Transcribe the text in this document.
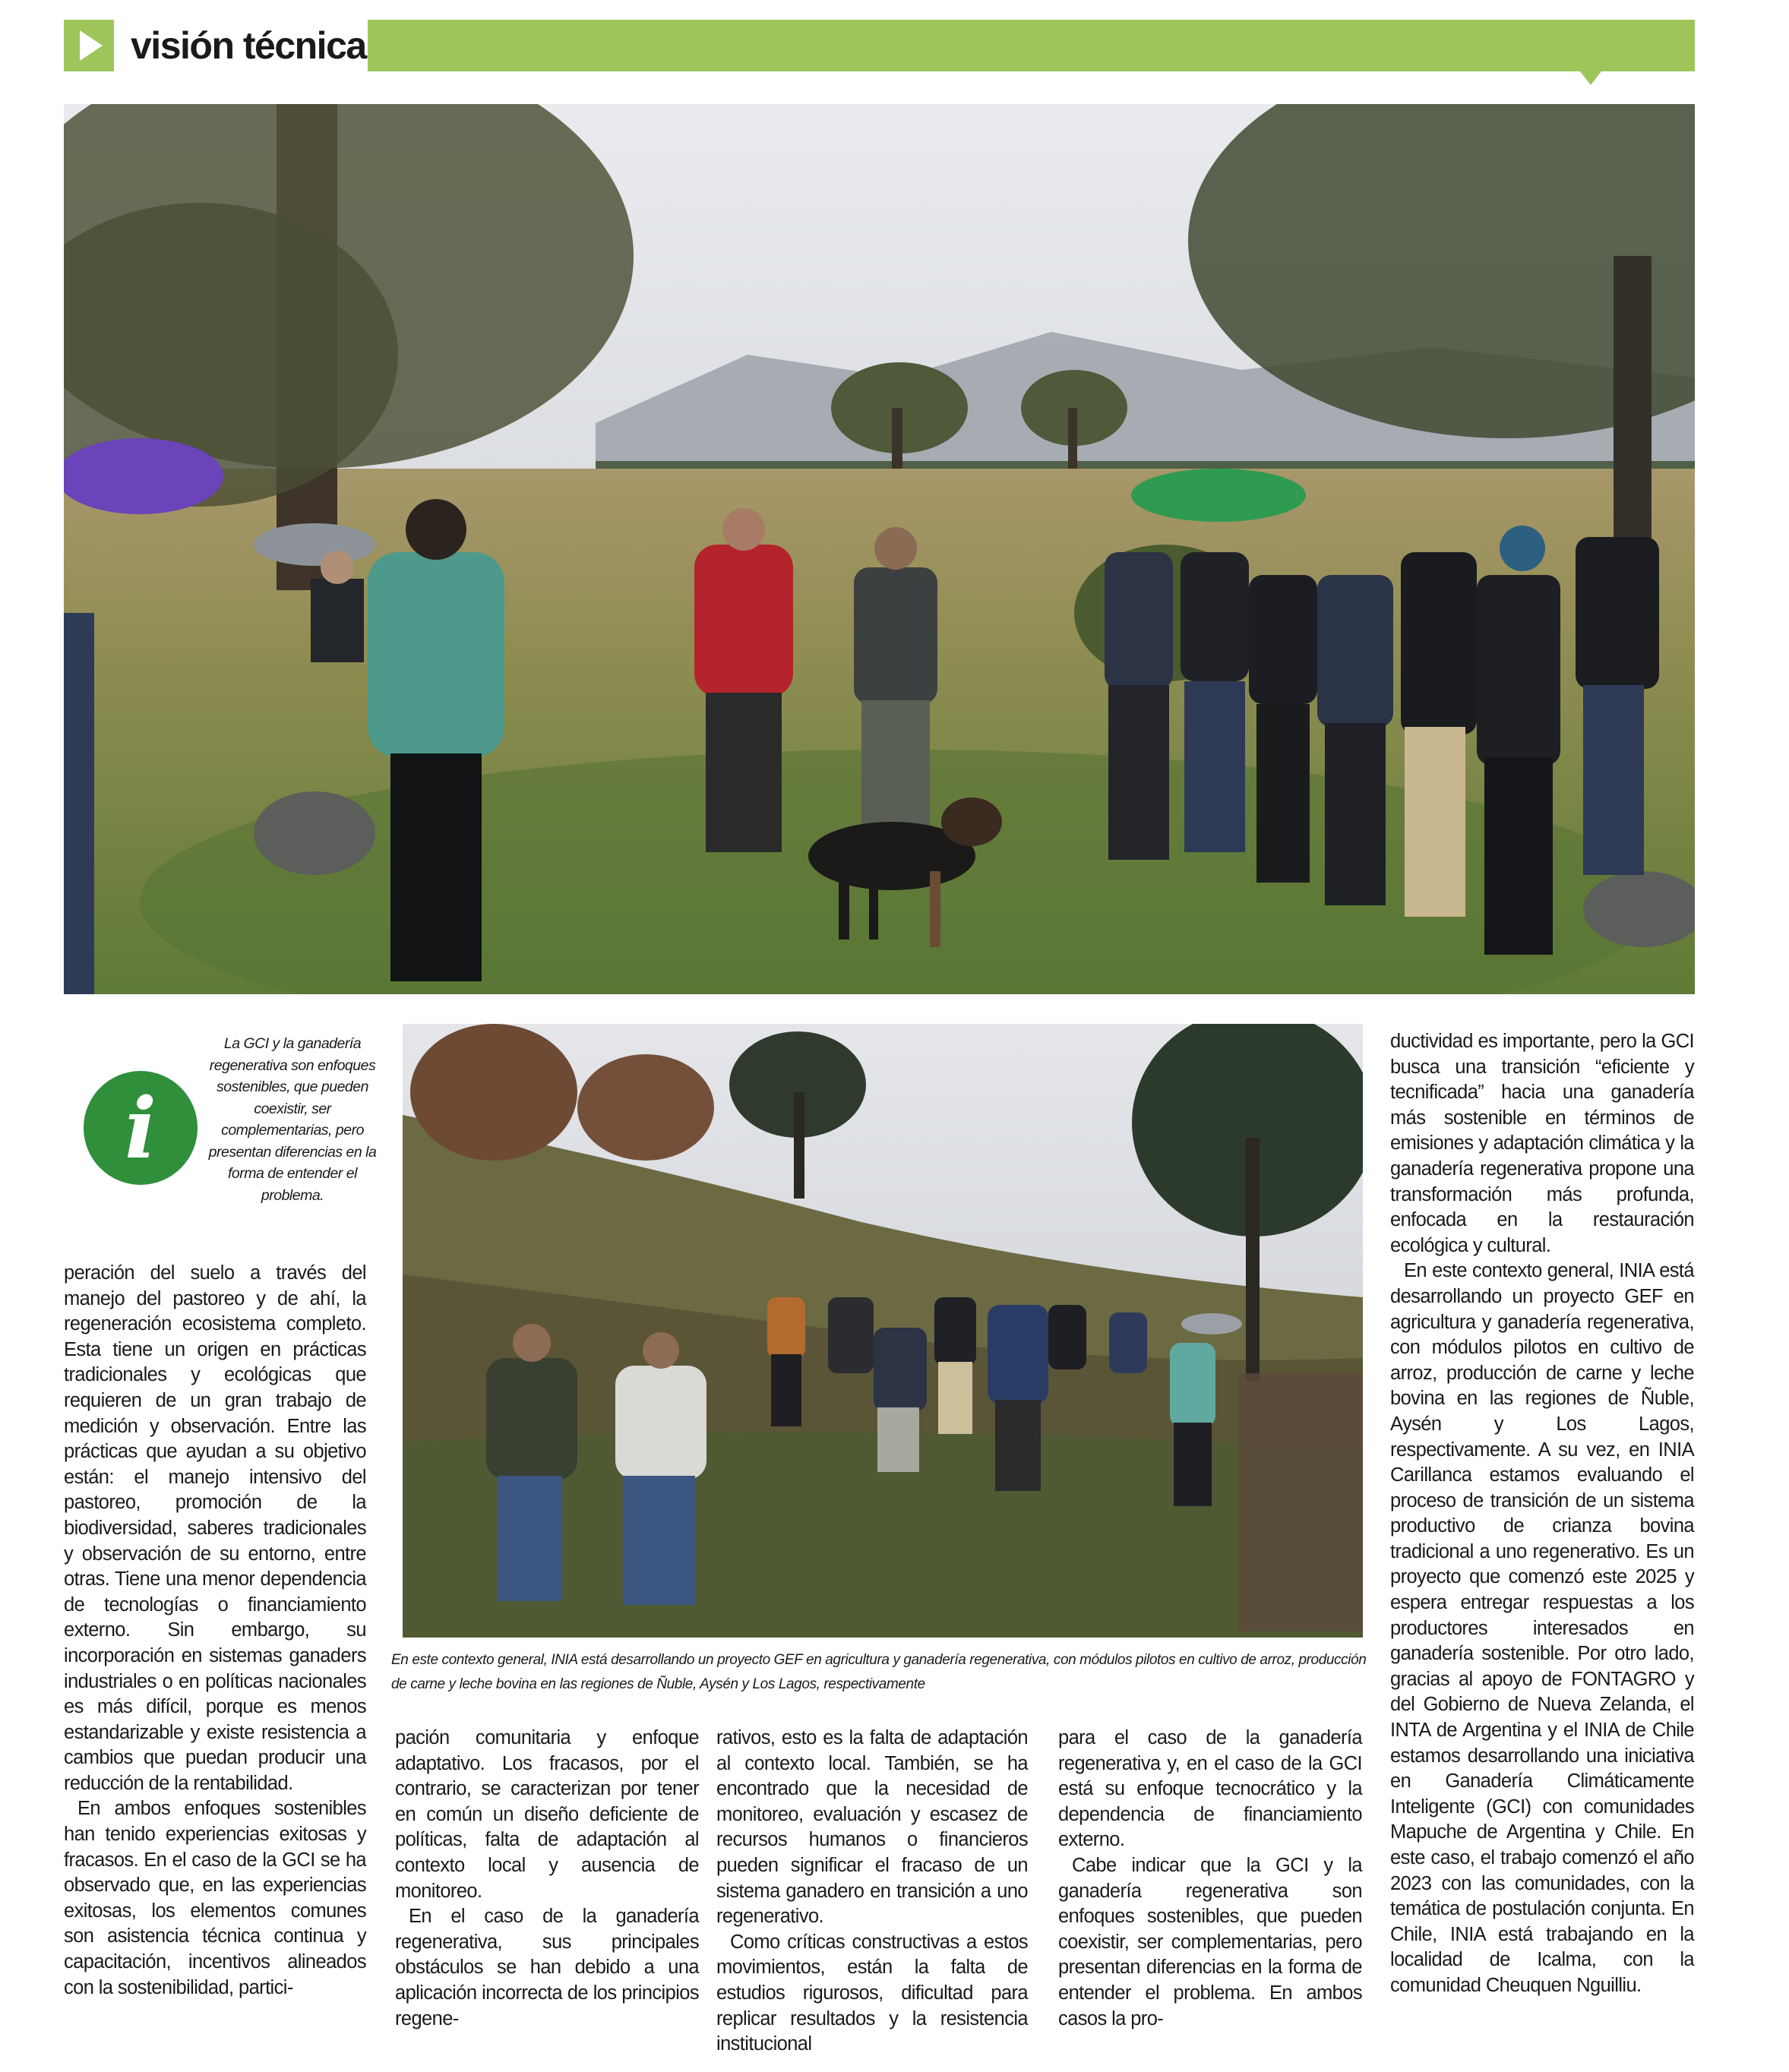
visión técnica
i
La GCI y la ganadería regenerativa son enfoques sostenibles, que pueden coexistir, ser complementarias, pero presentan diferencias en la forma de entender el problema.
En este contexto general, INIA está desarrollando un proyecto GEF en agricultura y ganadería regenerativa, con módulos pilotos en cultivo de arroz, producción de carne y leche bovina en las regiones de Ñuble, Aysén y Los Lagos, respectivamente

peración del suelo a través del manejo del pastoreo y de ahí, la regeneración ecosistema completo. Esta tiene un origen en prácticas tradicionales y ecológicas que requieren de un gran trabajo de medición y observación. Entre las prácticas que ayudan a su objetivo están: el manejo intensivo del pastoreo, promoción de la biodiversidad, saberes tradicionales y observación de su entorno, entre otras. Tiene una menor dependencia de tecnologías o financiamiento externo. Sin embargo, su incorporación en sistemas ganaders industriales o en políticas nacionales es más difícil, porque es menos estandarizable y existe resistencia a cambios que puedan producir una reducción de la rentabilidad.

En ambos enfoques sostenibles han tenido experiencias exitosas y fracasos. En el caso de la GCI se ha observado que, en las experiencias exitosas, los elementos comunes son asistencia técnica continua y capacitación, incentivos alineados con la sostenibilidad, partici-

pación comunitaria y enfoque adaptativo. Los fracasos, por el contrario, se caracterizan por tener en común un diseño deficiente de políticas, falta de adaptación al contexto local y ausencia de monitoreo.

En el caso de la ganadería regenerativa, sus principales obstáculos se han debido a una aplicación incorrecta de los principios regene-

rativos, esto es la falta de adaptación al contexto local. También, se ha encontrado que la necesidad de monitoreo, evaluación y escasez de recursos humanos o financieros pueden significar el fracaso de un sistema ganadero en transición a uno regenerativo.

Como críticas constructivas a estos movimientos, están la falta de estudios rigurosos, dificultad para replicar resultados y la resistencia institucional

para el caso de la ganadería regenerativa y, en el caso de la GCI está su enfoque tecnocrático y la dependencia de financiamiento externo.

Cabe indicar que la GCI y la ganadería regenerativa son enfoques sostenibles, que pueden coexistir, ser complementarias, pero presentan diferencias en la forma de entender el problema. En ambos casos la pro-

ductividad es importante, pero la GCI busca una transición “eficiente y tecnificada” hacia una ganadería más sostenible en términos de emisiones y adaptación climática y la ganadería regenerativa propone una transformación más profunda, enfocada en la restauración ecológica y cultural.

En este contexto general, INIA está desarrollando un proyecto GEF en agricultura y ganadería regenerativa, con módulos pilotos en cultivo de arroz, producción de carne y leche bovina en las regiones de Ñuble, Aysén y Los Lagos, respectivamente. A su vez, en INIA Carillanca estamos evaluando el proceso de transición de un sistema productivo de crianza bovina tradicional a uno regenerativo. Es un proyecto que comenzó este 2025 y espera entregar respuestas a los productores interesados en ganadería sostenible. Por otro lado, gracias al apoyo de FONTAGRO y del Gobierno de Nueva Zelanda, el INTA de Argentina y el INIA de Chile estamos desarrollando una iniciativa en Ganadería Climáticamente Inteligente (GCI) con comunidades Mapuche de Argentina y Chile. En este caso, el trabajo comenzó el año 2023 con las comunidades, con la temática de postulación conjunta. En Chile, INIA está trabajando en la localidad de Icalma, con la comunidad Cheuquen Nguilliu.
